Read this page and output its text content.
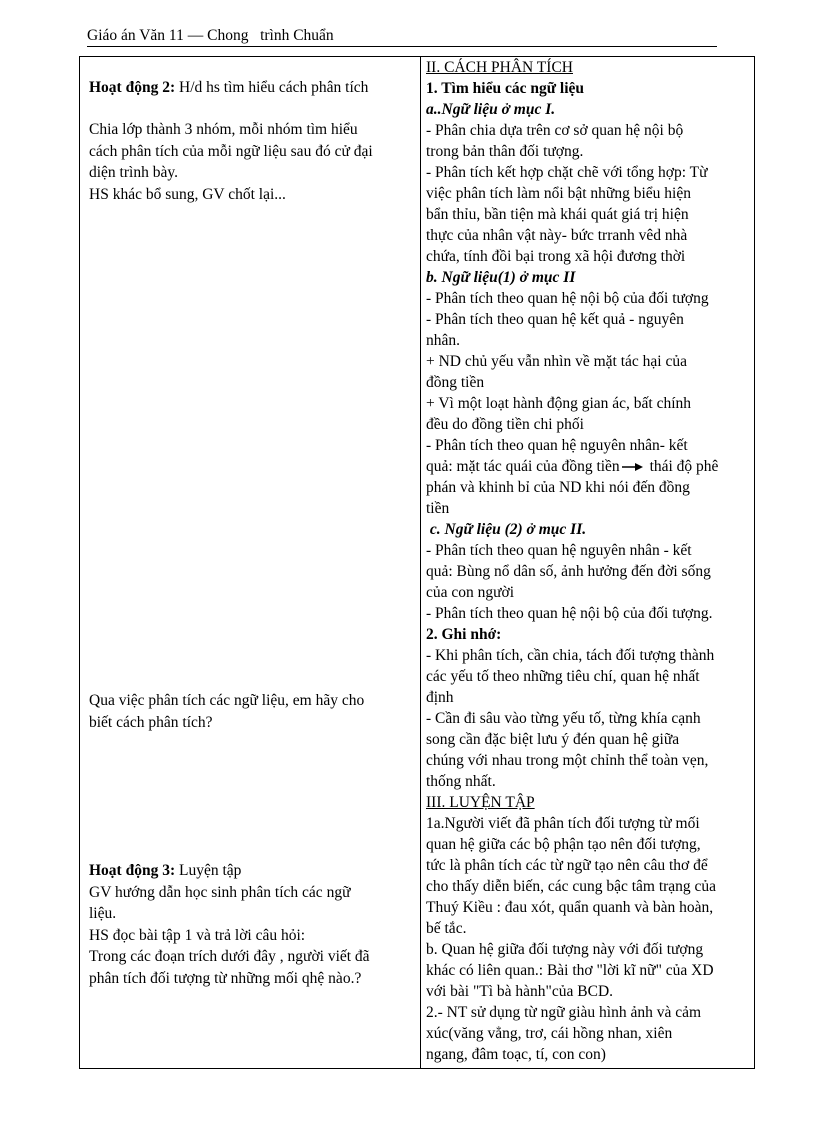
Giáo án Văn 11 — Chong   trình Chuẩn
Hoạt động 2: H/d hs tìm hiểu cách phân tích
Chia lớp thành 3 nhóm, mỗi nhóm tìm hiểu
cách phân tích của mỗi ngữ liệu sau đó cử đại
diện trình bày.
HS khác bổ sung, GV chốt lại...
Qua việc phân tích các ngữ liệu, em hãy cho
biết cách phân tích?
Hoạt động 3: Luyện tập
GV hướng dẫn học sinh phân tích các ngữ
liệu.
HS đọc bài tập 1 và trả lời câu hỏi:
Trong các đoạn trích dưới đây , người viết đã
phân tích đối tượng từ những mối qhệ nào.?
II. CÁCH PHÂN TÍCH
1. Tìm hiểu các ngữ liệu
a..Ngữ liệu ở mục I.
- Phân chia dựa trên cơ sở quan hệ nội bộ
trong bản thân đối tượng.
- Phân tích kết hợp chặt chẽ với tổng hợp: Từ
việc phân tích làm nổi bật những biểu hiện
bẩn thỉu, bần tiện mà khái quát giá trị hiện
thực của nhân vật này- bức trranh vêd nhà
chứa, tính đồi bại trong xã hội đương thời
b. Ngữ liệu(1) ở mục II
- Phân tích theo quan hệ nội bộ của đối tượng
- Phân tích theo quan hệ kết quả - nguyên
nhân.
+ ND chủ yếu vẫn nhìn về mặt tác hại của
đồng tiền
+ Vì một loạt hành động gian ác, bất chính
đều do đồng tiền chi phối
- Phân tích theo quan hệ nguyên nhân- kết
quả: mặt tác quái của đồng tiền thái độ phê
phán và khinh bỉ của ND khi nói đến đồng
tiền
c. Ngữ liệu (2) ở mục II.
- Phân tích theo quan hệ nguyên nhân - kết
quả: Bùng nổ dân số, ảnh hưởng đến đời sống
của con người
- Phân tích theo quan hệ nội bộ của đối tượng.
2. Ghi nhớ:
- Khi phân tích, cần chia, tách đối tượng thành
các yếu tố theo những tiêu chí, quan hệ nhất
định
- Cần đi sâu vào từng yếu tố, từng khía cạnh
song cần đặc biệt lưu ý đén quan hệ giữa
chúng với nhau trong một chỉnh thể toàn vẹn,
thống nhất.
III. LUYỆN TẬP
1a.Người viết đã phân tích đối tượng từ mối
quan hệ giữa các bộ phận tạo nên đối tượng,
tức là phân tích các từ ngữ tạo nên câu thơ để
cho thấy diễn biến, các cung bậc tâm trạng của
Thuý Kiều : đau xót, quẩn quanh và bàn hoàn,
bế tắc.
b. Quan hệ giữa đối tượng này với đối tượng
khác có liên quan.: Bài thơ "lời kĩ nữ" của XD
với bài "Tì bà hành"của BCD.
2.- NT sử dụng từ ngữ giàu hình ảnh và cảm
xúc(văng vẳng, trơ, cái hồng nhan, xiên
ngang, đâm toạc, tí, con con)
